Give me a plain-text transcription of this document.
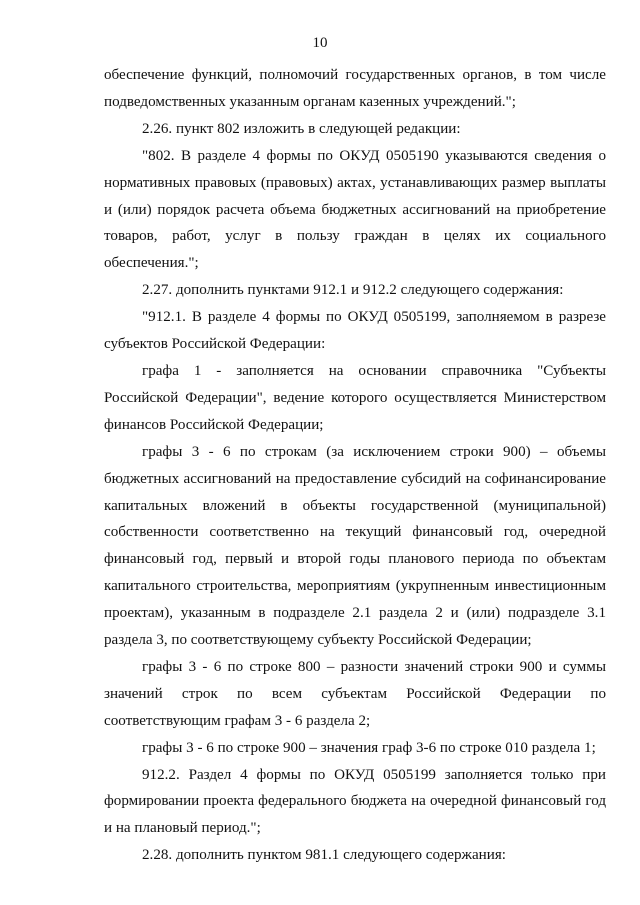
10

обеспечение функций, полномочий государственных органов, в том числе подведомственных указанным органам казенных учреждений.";

2.26. пункт 802 изложить в следующей редакции:

"802. В разделе 4 формы по ОКУД 0505190 указываются сведения о нормативных правовых (правовых) актах, устанавливающих размер выплаты и (или) порядок расчета объема бюджетных ассигнований на приобретение товаров, работ, услуг в пользу граждан в целях их социального обеспечения.";

2.27. дополнить пунктами 912.1 и 912.2 следующего содержания:

"912.1. В разделе 4 формы по ОКУД 0505199, заполняемом в разрезе субъектов Российской Федерации:

графа 1 - заполняется на основании справочника "Субъекты Российской Федерации", ведение которого осуществляется Министерством финансов Российской Федерации;

графы 3 - 6 по строкам (за исключением строки 900) – объемы бюджетных ассигнований на предоставление субсидий на софинансирование капитальных вложений в объекты государственной (муниципальной) собственности соответственно на текущий финансовый год, очередной финансовый год, первый и второй годы планового периода по объектам капитального строительства, мероприятиям (укрупненным инвестиционным проектам), указанным в подразделе 2.1 раздела 2 и (или) подразделе 3.1 раздела 3, по соответствующему субъекту Российской Федерации;

графы 3 - 6 по строке 800 – разности значений строки 900 и суммы значений строк по всем субъектам Российской Федерации по соответствующим графам 3 - 6 раздела 2;

графы 3 - 6 по строке 900 – значения граф 3-6 по строке 010 раздела 1;

912.2. Раздел 4 формы по ОКУД 0505199 заполняется только при формировании проекта федерального бюджета на очередной финансовый год и на плановый период.";

2.28. дополнить пунктом 981.1 следующего содержания:
